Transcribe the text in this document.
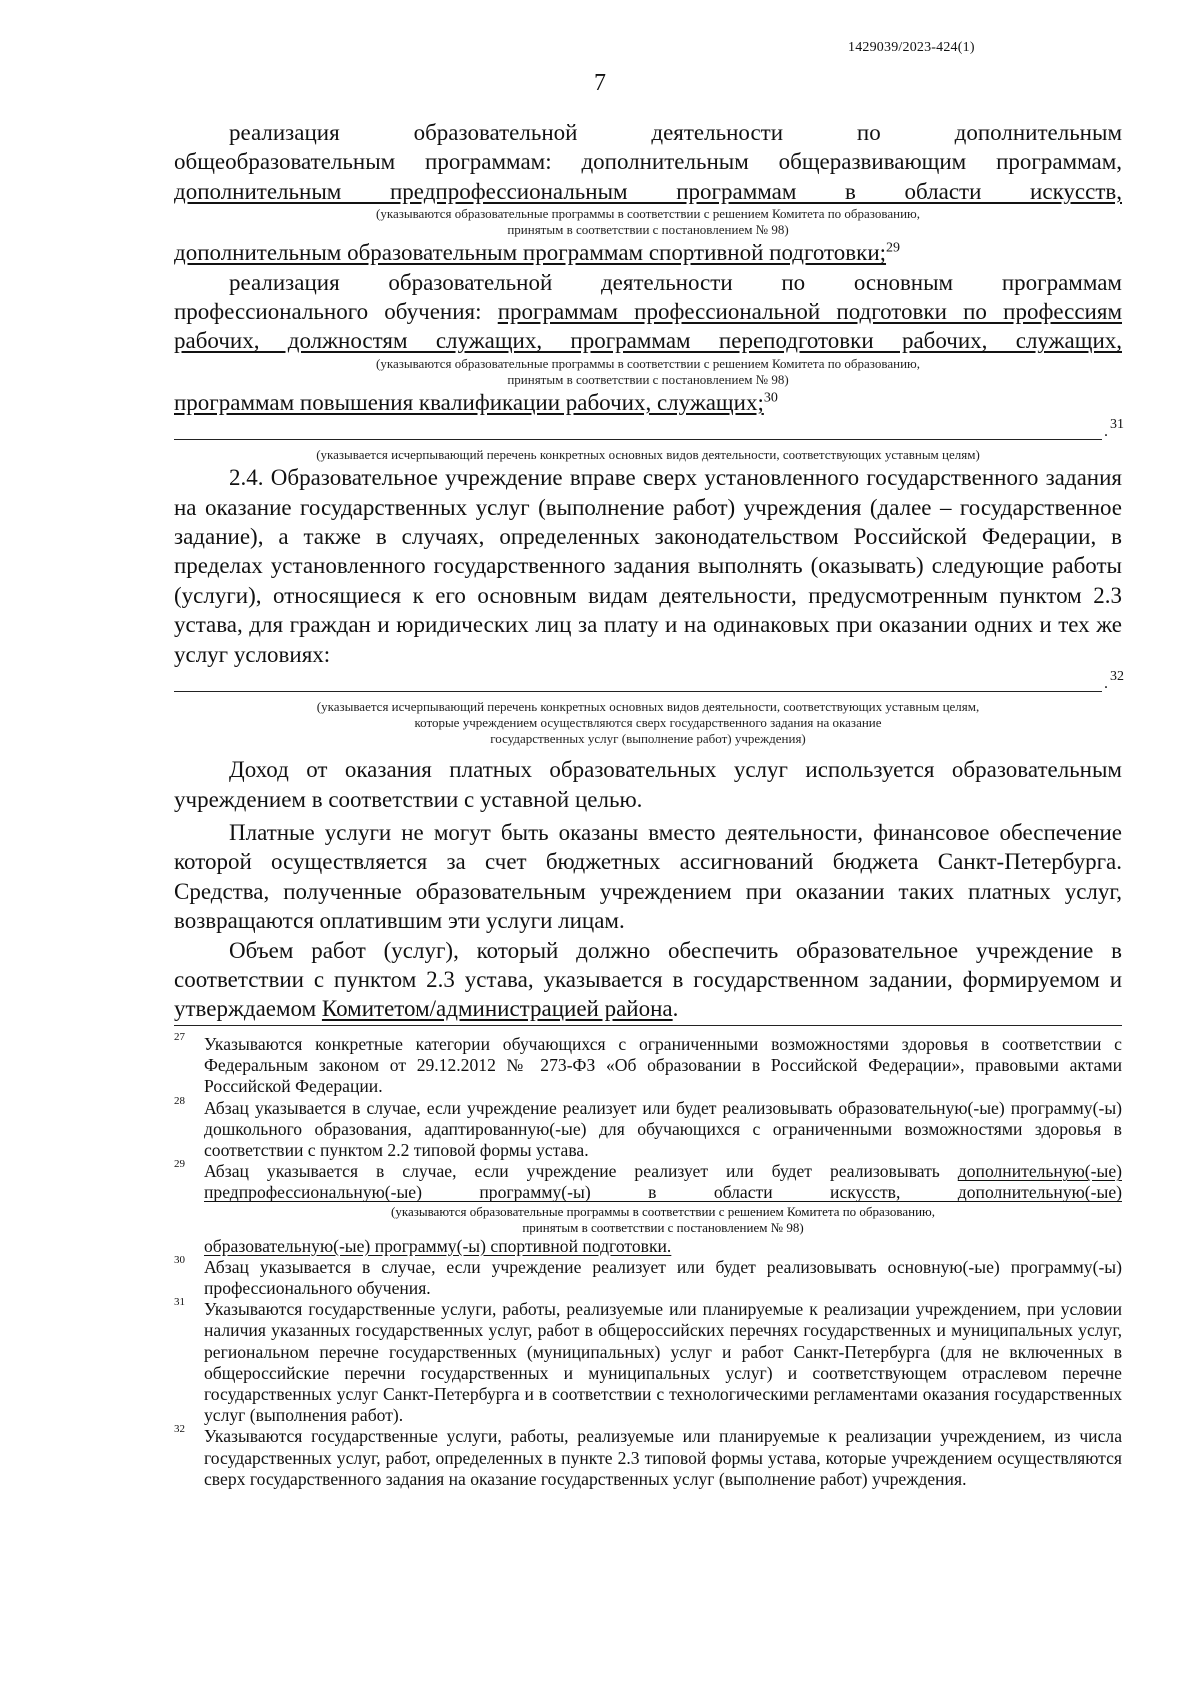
1429039/2023-424(1)
7

реализация образовательной деятельности по дополнительным

общеобразовательным программам: дополнительным общеразвивающим программам,

дополнительным предпрофессиональным программам в области искусств,

(указываются образовательные программы в соответствии с решением Комитета по образованию,

принятым в соответствии с постановлением № 98)

дополнительным образовательным программам спортивной подготовки;$^{29}$

реализация образовательной деятельности по основным программам

профессионального обучения: программам профессиональной подготовки по профессиям

рабочих, должностям служащих, программам переподготовки рабочих, служащих,

(указываются образовательные программы в соответствии с решением Комитета по образованию,

принятым в соответствии с постановлением № 98)

программам повышения квалификации рабочих, служащих;$^{30}$

. 31

(указывается исчерпывающий перечень конкретных основных видов деятельности, соответствующих уставным целям)

2.4. Образовательное учреждение вправе сверх установленного государственного задания на оказание государственных услуг (выполнение работ) учреждения (далее – государственное задание), а также в случаях, определенных законодательством Российской Федерации, в пределах установленного государственного задания выполнять (оказывать) следующие работы (услуги), относящиеся к его основным видам деятельности, предусмотренным пунктом 2.3 устава, для граждан и юридических лиц за плату и на одинаковых при оказании одних и тех же услуг условиях:

. 32

(указывается исчерпывающий перечень конкретных основных видов деятельности, соответствующих уставным целям,

которые учреждением осуществляются сверх государственного задания на оказание

государственных услуг (выполнение работ) учреждения)

Доход от оказания платных образовательных услуг используется образовательным учреждением в соответствии с уставной целью.

Платные услуги не могут быть оказаны вместо деятельности, финансовое обеспечение которой осуществляется за счет бюджетных ассигнований бюджета Санкт-Петербурга. Средства, полученные образовательным учреждением при оказании таких платных услуг, возвращаются оплатившим эти услуги лицам.

Объем работ (услуг), который должно обеспечить образовательное учреждение в соответствии с пунктом 2.3 устава, указывается в государственном задании, формируемом и утверждаемом Комитетом/администрацией района.

27 Указываются конкретные категории обучающихся с ограниченными возможностями здоровья в соответствии с Федеральным законом от 29.12.2012 № 273-ФЗ «Об образовании в Российской Федерации», правовыми актами Российской Федерации.

28 Абзац указывается в случае, если учреждение реализует или будет реализовывать образовательную(-ые) программу(-ы) дошкольного образования, адаптированную(-ые) для обучающихся с ограниченными возможностями здоровья в соответствии с пунктом 2.2 типовой формы устава.

29 Абзац указывается в случае, если учреждение реализует или будет реализовывать дополнительную(-ые)
предпрофессиональную(-ые) программу(-ы) в области искусств, дополнительную(-ые)
(указываются образовательные программы в соответствии с решением Комитета по образованию,
принятым в соответствии с постановлением № 98)

образовательную(-ые) программу(-ы) спортивной подготовки.

30 Абзац указывается в случае, если учреждение реализует или будет реализовывать основную(-ые) программу(-ы) профессионального обучения.

31 Указываются государственные услуги, работы, реализуемые или планируемые к реализации учреждением, при условии наличия указанных государственных услуг, работ в общероссийских перечнях государственных и муниципальных услуг, региональном перечне государственных (муниципальных) услуг и работ Санкт-Петербурга (для не включенных в общероссийские перечни государственных и муниципальных услуг) и соответствующем отраслевом перечне государственных услуг Санкт-Петербурга и в соответствии с технологическими регламентами оказания государственных услуг (выполнения работ).

32 Указываются государственные услуги, работы, реализуемые или планируемые к реализации учреждением, из числа государственных услуг, работ, определенных в пункте 2.3 типовой формы устава, которые учреждением осуществляются сверх государственного задания на оказание государственных услуг (выполнение работ) учреждения.
